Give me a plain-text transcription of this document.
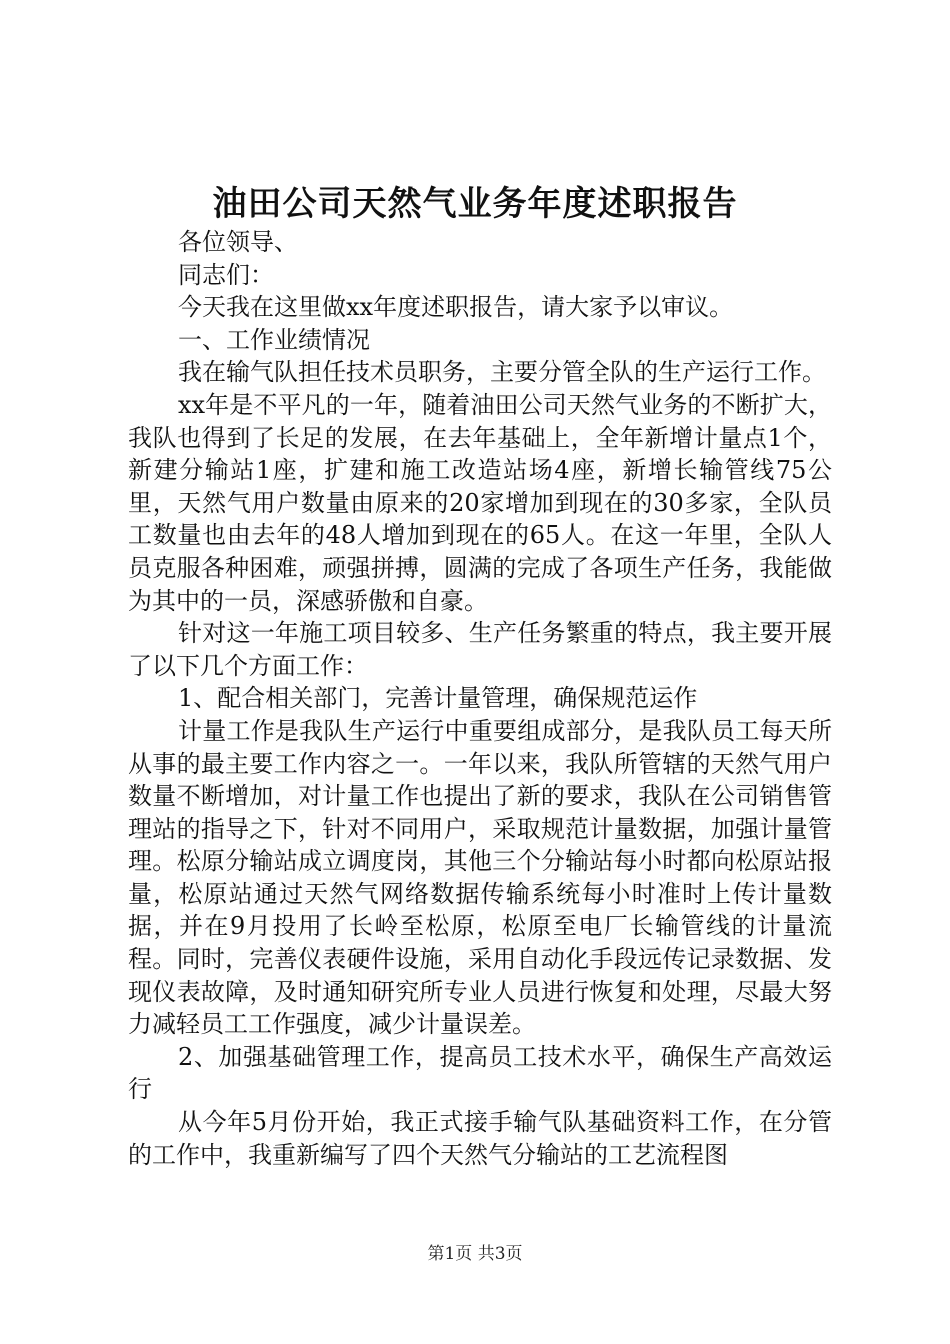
油田公司天然气业务年度述职报告

各位领导、

同志们：

今天我在这里做xx年度述职报告，请大家予以审议。

一、工作业绩情况

我在输气队担任技术员职务，主要分管全队的生产运行工作。

xx年是不平凡的一年，随着油田公司天然气业务的不断扩大，我队也得到了长足的发展，在去年基础上，全年新增计量点1个，新建分输站1座，扩建和施工改造站场4座，新增长输管线75公里，天然气用户数量由原来的20家增加到现在的30多家，全队员工数量也由去年的48人增加到现在的65人。在这一年里，全队人员克服各种困难，顽强拼搏，圆满的完成了各项生产任务，我能做为其中的一员，深感骄傲和自豪。

针对这一年施工项目较多、生产任务繁重的特点，我主要开展了以下几个方面工作：

1、配合相关部门，完善计量管理，确保规范运作

计量工作是我队生产运行中重要组成部分，是我队员工每天所从事的最主要工作内容之一。一年以来，我队所管辖的天然气用户数量不断增加，对计量工作也提出了新的要求，我队在公司销售管理站的指导之下，针对不同用户，采取规范计量数据，加强计量管理。松原分输站成立调度岗，其他三个分输站每小时都向松原站报量，松原站通过天然气网络数据传输系统每小时准时上传计量数据，并在9月投用了长岭至松原，松原至电厂长输管线的计量流程。同时，完善仪表硬件设施，采用自动化手段远传记录数据、发现仪表故障，及时通知研究所专业人员进行恢复和处理，尽最大努力减轻员工工作强度，减少计量误差。

2、加强基础管理工作，提高员工技术水平，确保生产高效运行

从今年5月份开始，我正式接手输气队基础资料工作，在分管的工作中，我重新编写了四个天然气分输站的工艺流程图

第1页 共3页
